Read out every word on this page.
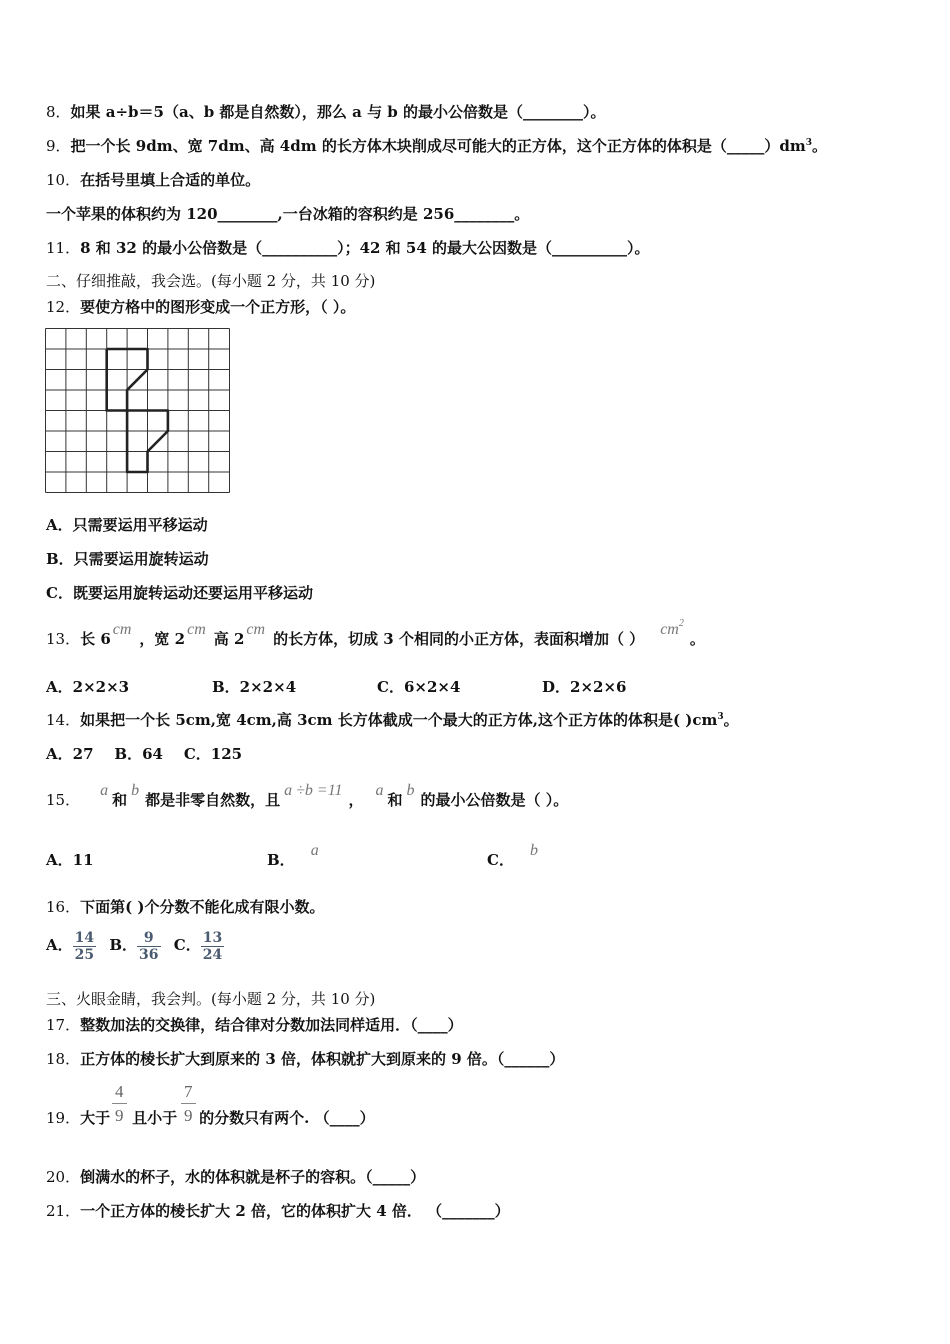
8．如果 a÷b＝5（a、b 都是自然数），那么 a 与 b 的最小公倍数是（________）。
9．把一个长 9dm、宽 7dm、高 4dm 的长方体木块削成尽可能大的正方体，这个正方体的体积是$(\_\_\_\_\_)dm^3$。
10．在括号里填上合适的单位。
一个苹果的体积约为 120________,一台冰箱的容积约是 256________。
11．8 和 32 的最小公倍数是（__________）；42 和 54 的最大公因数是（__________）。
二、仔细推敲，我会选。(每小题 2 分，共 10 分)
12．要使方格中的图形变成一个正方形，（ ）。
A．只需要运用平移运动
B．只需要运用旋转运动
C．既要运用旋转运动还要运用平移运动
13．长 6cm，宽 2cm高 2cm的长方体，切成 3 个相同的小正方体，表面积增加（ ）$cm^2$。
A．2×2×3	B．2×2×4	C．6×2×4	D．2×2×6
14．如果把一个长 5cm,宽 4cm,高 3cm 长方体截成一个最大的正方体,这个正方体的体积是( )$cm^3$。
A．27    B．64    C．125
15．a和b都是非零自然数，且a ÷b =11，a和b的最小公倍数是（ ）。
A．11	B．a
C．b
16．下面第( )个分数不能化成有限小数。
A． $\frac{14}{25}$ B． $\frac{9}{36}$ C． $\frac{13}{24}$
三、火眼金睛，我会判。(每小题 2 分，共 10 分)
17．整数加法的交换律，结合律对分数加法同样适用．（____）
18．正方体的棱长扩大到原来的 3 倍，体积就扩大到原来的 9 倍。（______）
19．大于 且小于 的分数只有两个. （____）
4
9
7
9
20．倒满水的杯子，水的体积就是杯子的容积。（_____）
21．一个正方体的棱长扩大 2 倍，它的体积扩大 4 倍． （_______）
